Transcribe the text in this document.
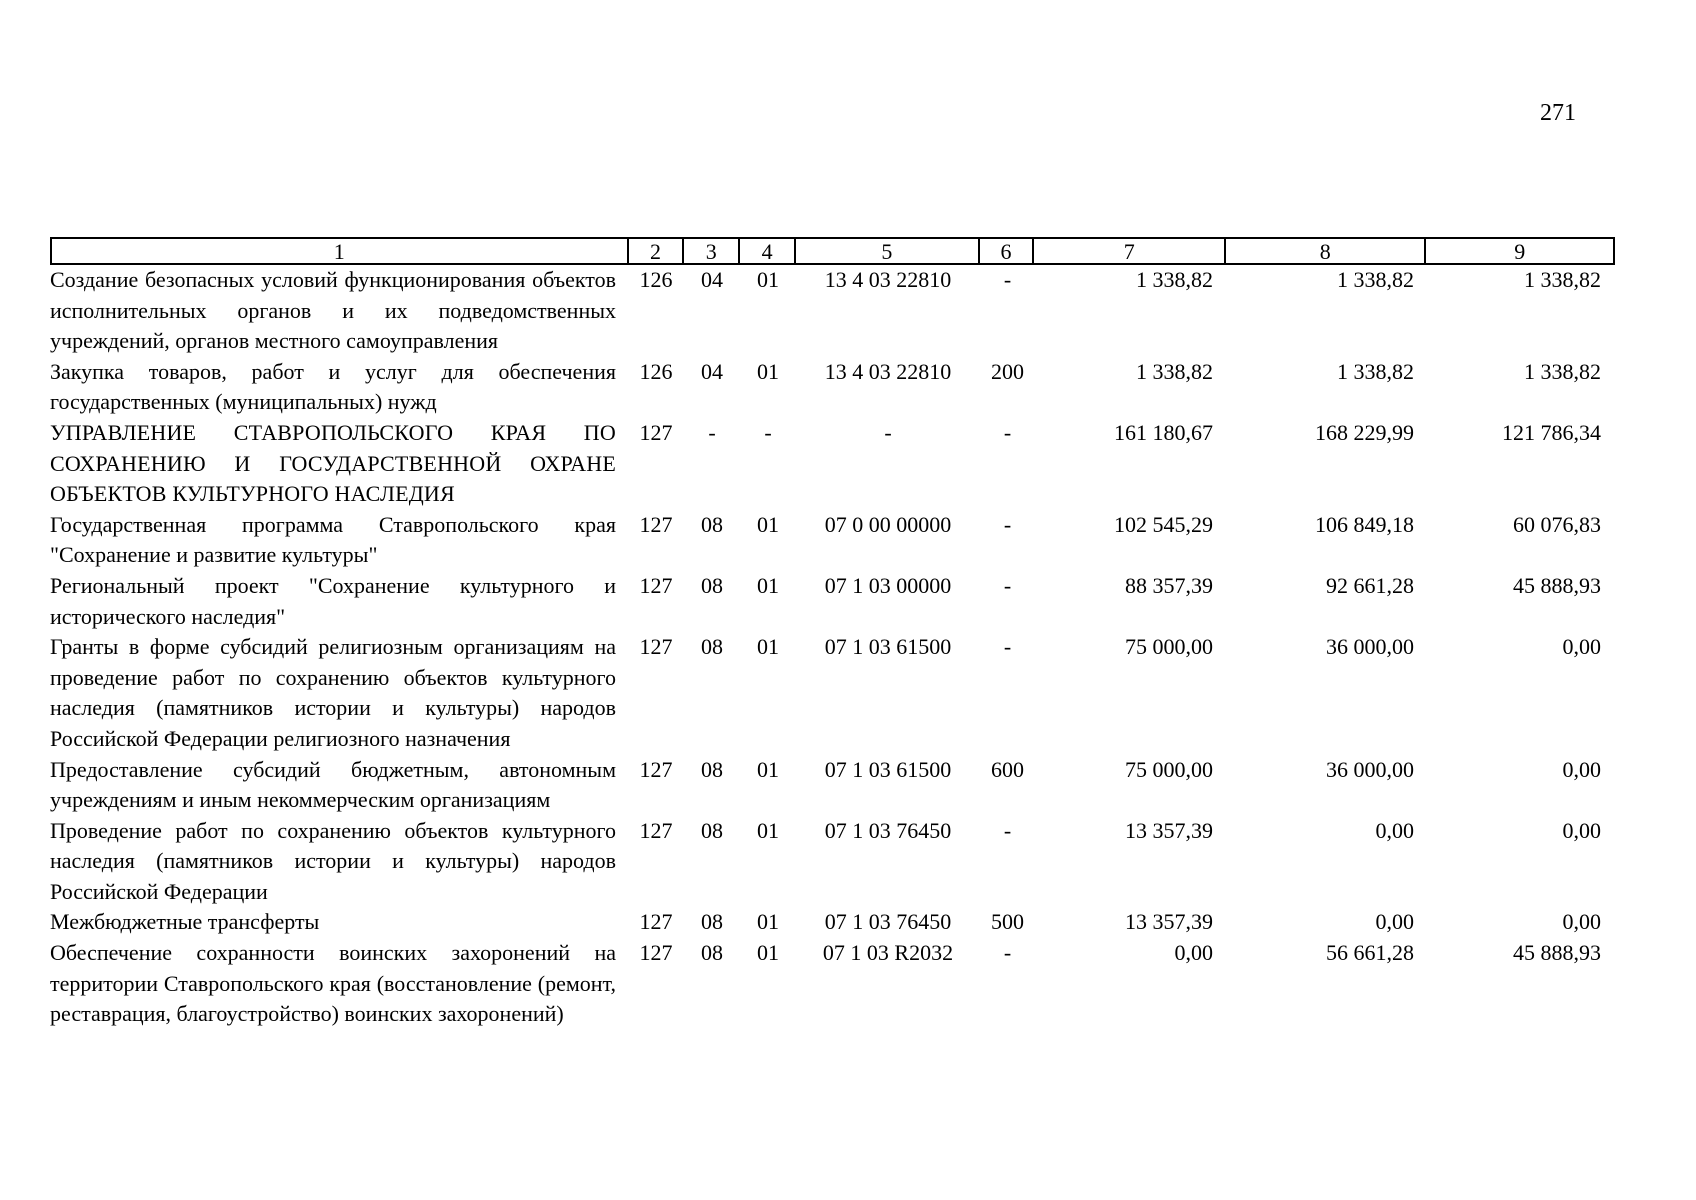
271
1	2	3	4	5	6	7	8	9
Создание безопасных условий функционирования объектов исполнительных органов и их подведомственных учреждений, органов местного самоуправления
126	04	01	13 4 03 22810	-	1 338,82	1 338,82	1 338,82
Закупка товаров, работ и услуг для обеспечения государственных (муниципальных) нужд
126	04	01	13 4 03 22810	200	1 338,82	1 338,82	1 338,82
УПРАВЛЕНИЕ СТАВРОПОЛЬСКОГО КРАЯ ПО СОХРАНЕНИЮ И ГОСУДАРСТВЕННОЙ ОХРАНЕ ОБЪЕКТОВ КУЛЬТУРНОГО НАСЛЕДИЯ
127	-	-	-	-	161 180,67	168 229,99	121 786,34
Государственная программа Ставропольского края "Сохранение и развитие культуры"
127	08	01	07 0 00 00000	-	102 545,29	106 849,18	60 076,83
Региональный проект "Сохранение культурного и исторического наследия"
127	08	01	07 1 03 00000	-	88 357,39	92 661,28	45 888,93
Гранты в форме субсидий религиозным организациям на проведение работ по сохранению объектов культурного наследия (памятников истории и культуры) народов Российской Федерации религиозного назначения
127	08	01	07 1 03 61500	-	75 000,00	36 000,00	0,00
Предоставление субсидий бюджетным, автономным учреждениям и иным некоммерческим организациям
127	08	01	07 1 03 61500	600	75 000,00	36 000,00	0,00
Проведение работ по сохранению объектов культурного наследия (памятников истории и культуры) народов Российской Федерации
127	08	01	07 1 03 76450	-	13 357,39	0,00	0,00
Межбюджетные трансферты	127	08	01	07 1 03 76450	500	13 357,39	0,00	0,00
Обеспечение сохранности воинских захоронений на территории Ставропольского края (восстановление (ремонт, реставрация, благоустройство) воинских захоронений)
127	08	01	07 1 03 R2032	-	0,00	56 661,28	45 888,93
